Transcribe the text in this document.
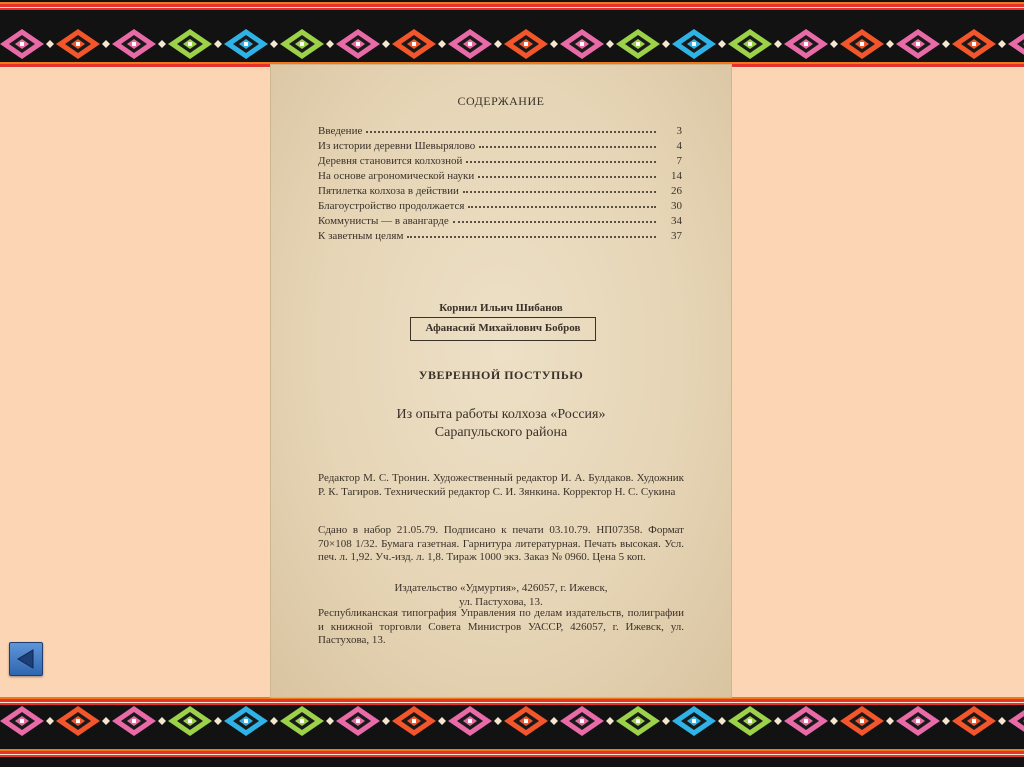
СОДЕРЖАНИЕ
Введение	3
Из истории деревни Шевырялово	4
Деревня становится колхозной	7
На основе агрономической науки	14
Пятилетка колхоза в действии	26
Благоустройство продолжается	30
Коммунисты — в авангарде	34
К заветным целям	37
Корнил Ильич Шибанов
Афанасий Михайлович Бобров
УВЕРЕННОЙ ПОСТУПЬЮ
Из опыта работы колхоза «Россия»
Сарапульского района
Редактор М. С. Тронин. Художественный редактор И. А. Булдаков. Художник Р. К. Тагиров. Технический редактор С. И. Зянкина. Корректор Н. С. Сукина
Сдано в набор 21.05.79. Подписано к печати 03.10.79. НП07358. Формат 70×108 1/32. Бумага газетная. Гарнитура литературная. Печать высокая. Усл. печ. л. 1,92. Уч.-изд. л. 1,8. Тираж 1000 экз. Заказ № 0960. Цена 5 коп.
Издательство «Удмуртия», 426057, г. Ижевск,
ул. Пастухова, 13.
Республиканская типография Управления по делам издательств, полиграфии и книжной торговли Совета Министров УАССР, 426057, г. Ижевск, ул. Пастухова, 13.
